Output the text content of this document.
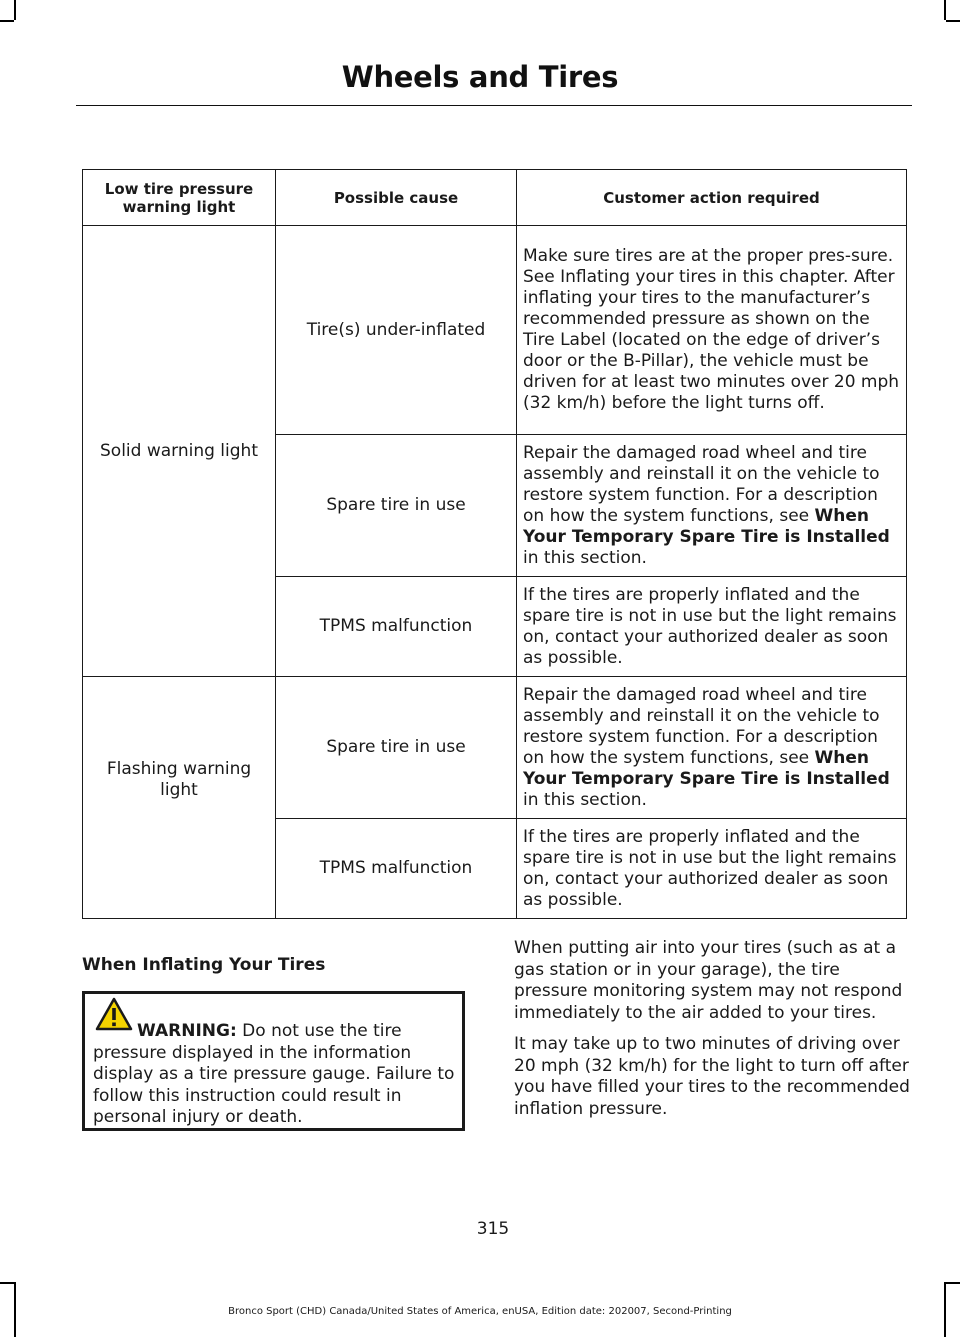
Wheels and Tires
Low tire pressure warning light	Possible cause	Customer action required
Solid warning light	Tire(s) under-inflated	Make sure tires are at the proper pres-sure. See Inflating your tires in this chapter. After inflating your tires to the manufacturer’s recommended pressure as shown on the Tire Label (located on the edge of driver’s door or the B-Pillar), the vehicle must be driven for at least two minutes over 20 mph (32 km/h) before the light turns off.
	Spare tire in use	Repair the damaged road wheel and tire assembly and reinstall it on the vehicle to restore system function. For a description on how the system functions, see When Your Temporary Spare Tire is Installed in this section.
	TPMS malfunction	If the tires are properly inflated and the spare tire is not in use but the light remains on, contact your authorized dealer as soon as possible.
Flashing warning light	Spare tire in use	Repair the damaged road wheel and tire assembly and reinstall it on the vehicle to restore system function. For a description on how the system functions, see When Your Temporary Spare Tire is Installed in this section.
	TPMS malfunction	If the tires are properly inflated and the spare tire is not in use but the light remains on, contact your authorized dealer as soon as possible.
When Inflating Your Tires
WARNING: Do not use the tire pressure displayed in the information display as a tire pressure gauge. Failure to follow this instruction could result in personal injury or death.

When putting air into your tires (such as at a gas station or in your garage), the tire pressure monitoring system may not respond immediately to the air added to your tires.

It may take up to two minutes of driving over 20 mph (32 km/h) for the light to turn off after you have filled your tires to the recommended inflation pressure.

315
Bronco Sport (CHD) Canada/United States of America, enUSA, Edition date: 202007, Second-Printing
